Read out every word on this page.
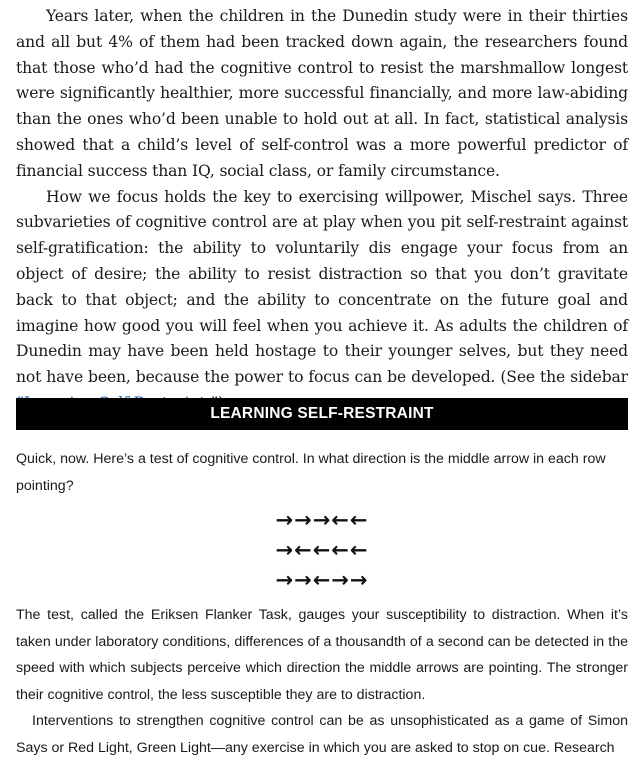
Years later, when the children in the Dunedin study were in their thirties and all but 4% of them had been tracked down again, the researchers found that those who’d had the cognitive control to resist the marshmallow longest were significantly healthier, more successful financially, and more law-abiding than the ones who’d been unable to hold out at all. In fact, statistical analysis showed that a child’s level of self-control was a more powerful predictor of financial success than IQ, social class, or family circumstance.

How we focus holds the key to exercising willpower, Mischel says. Three subvarieties of cognitive control are at play when you pit self-restraint against self-gratification: the ability to voluntarily dis engage your focus from an object of desire; the ability to resist distraction so that you don’t gravitate back to that object; and the ability to concentrate on the future goal and imagine how good you will feel when you achieve it. As adults the children of Dunedin may have been held hostage to their younger selves, but they need not have been, because the power to focus can be developed. (See the sidebar

LEARNING SELF-RESTRAINT

Quick, now. Here’s a test of cognitive control. In what direction is the middle arrow in each row pointing?

→→→←←
→←←←←
→→←→→

The test, called the Eriksen Flanker Task, gauges your susceptibility to distraction. When it’s taken under laboratory conditions, differences of a thousandth of a second can be detected in the speed with which subjects perceive which direction the middle arrows are pointing. The stronger their cognitive control, the less susceptible they are to distraction.

Interventions to strengthen cognitive control can be as unsophisticated as a game of Simon Says or Red Light, Green Light—any exercise in which you are asked to stop on cue. Research
